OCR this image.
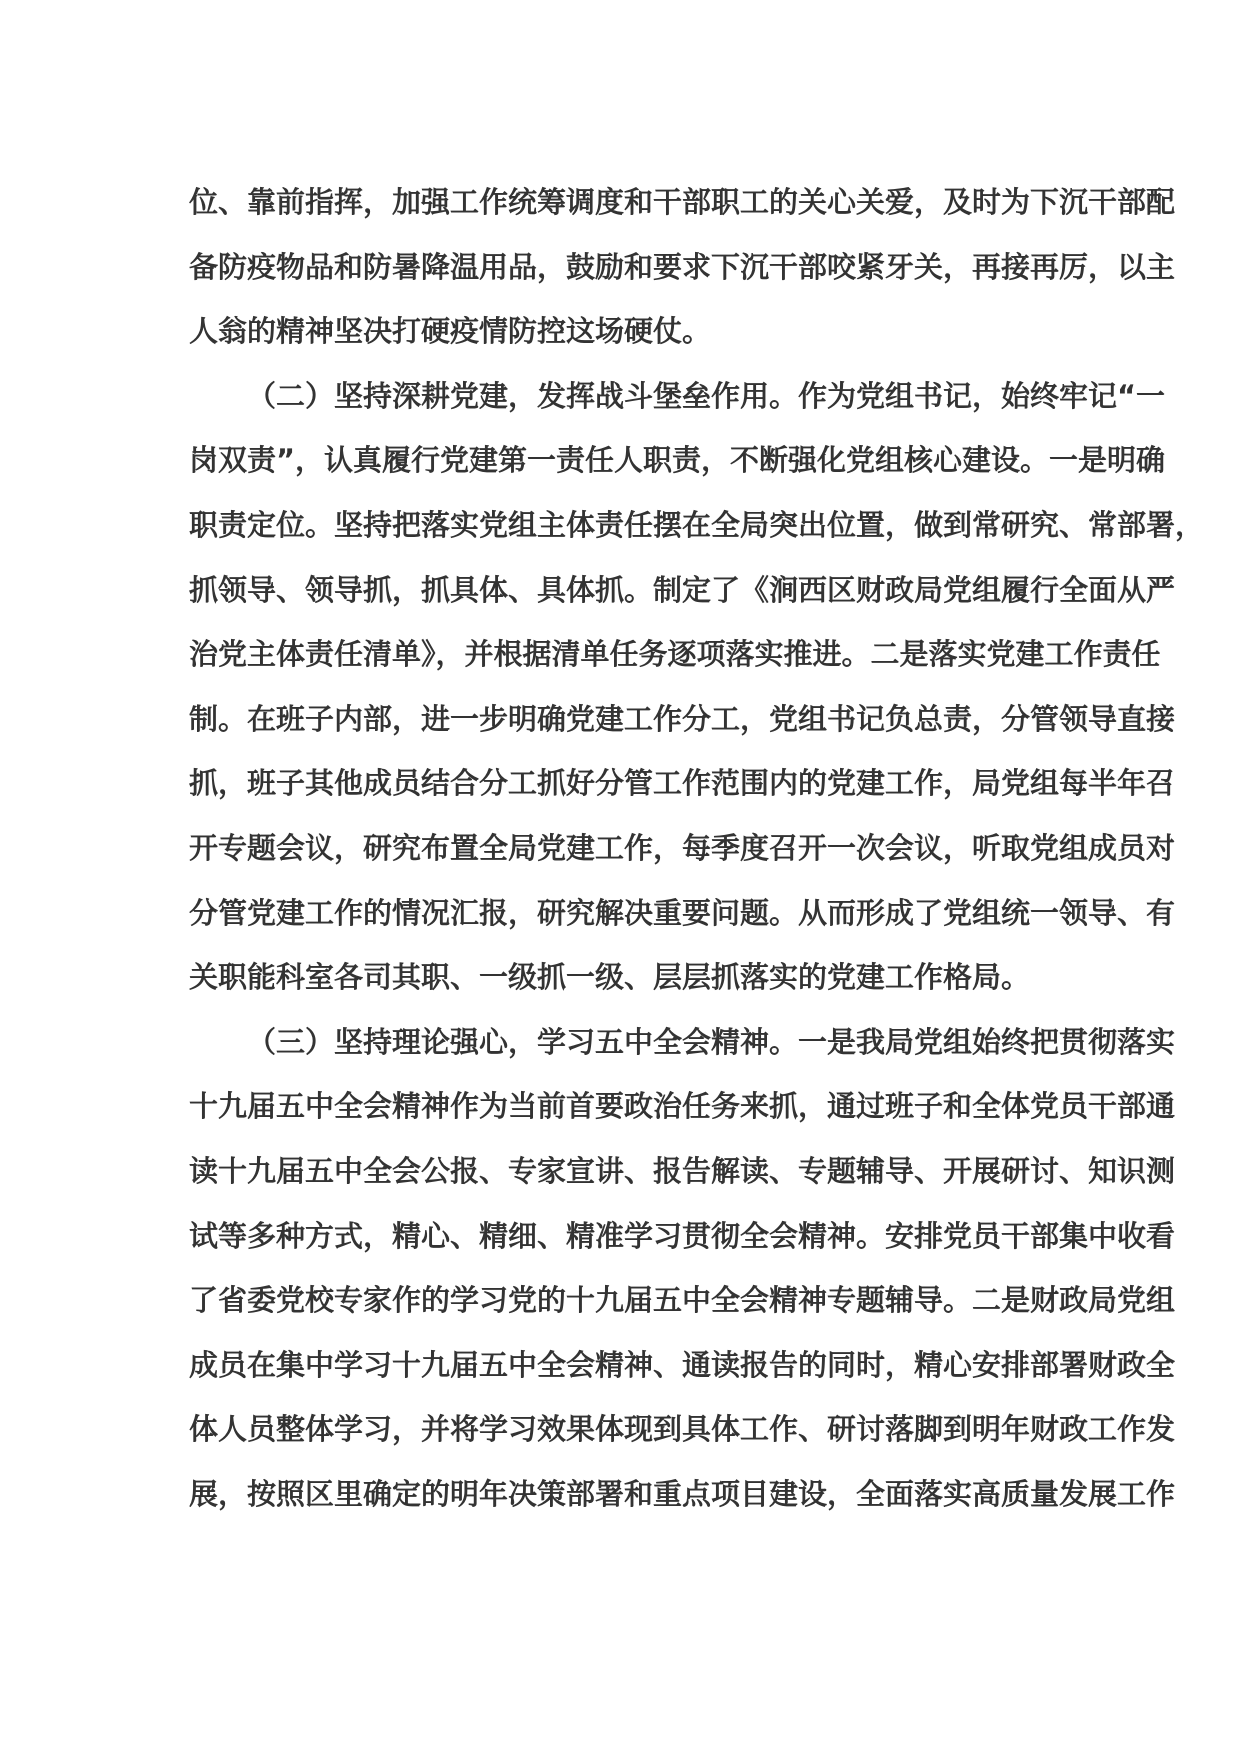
位、靠前指挥，加强工作统筹调度和干部职工的关心关爱，及时为下沉干部配
备防疫物品和防暑降温用品，鼓励和要求下沉干部咬紧牙关，再接再厉，以主
人翁的精神坚决打硬疫情防控这场硬仗。
（二）坚持深耕党建，发挥战斗堡垒作用。作为党组书记，始终牢记“一
岗双责”，认真履行党建第一责任人职责，不断强化党组核心建设。一是明确
职责定位。坚持把落实党组主体责任摆在全局突出位置，做到常研究、常部署，
抓领导、领导抓，抓具体、具体抓。制定了《涧西区财政局党组履行全面从严
治党主体责任清单》，并根据清单任务逐项落实推进。二是落实党建工作责任
制。在班子内部，进一步明确党建工作分工，党组书记负总责，分管领导直接
抓，班子其他成员结合分工抓好分管工作范围内的党建工作，局党组每半年召
开专题会议，研究布置全局党建工作，每季度召开一次会议，听取党组成员对
分管党建工作的情况汇报，研究解决重要问题。从而形成了党组统一领导、有
关职能科室各司其职、一级抓一级、层层抓落实的党建工作格局。
（三）坚持理论强心，学习五中全会精神。一是我局党组始终把贯彻落实
十九届五中全会精神作为当前首要政治任务来抓，通过班子和全体党员干部通
读十九届五中全会公报、专家宣讲、报告解读、专题辅导、开展研讨、知识测
试等多种方式，精心、精细、精准学习贯彻全会精神。安排党员干部集中收看
了省委党校专家作的学习党的十九届五中全会精神专题辅导。二是财政局党组
成员在集中学习十九届五中全会精神、通读报告的同时，精心安排部署财政全
体人员整体学习，并将学习效果体现到具体工作、研讨落脚到明年财政工作发
展，按照区里确定的明年决策部署和重点项目建设，全面落实高质量发展工作
